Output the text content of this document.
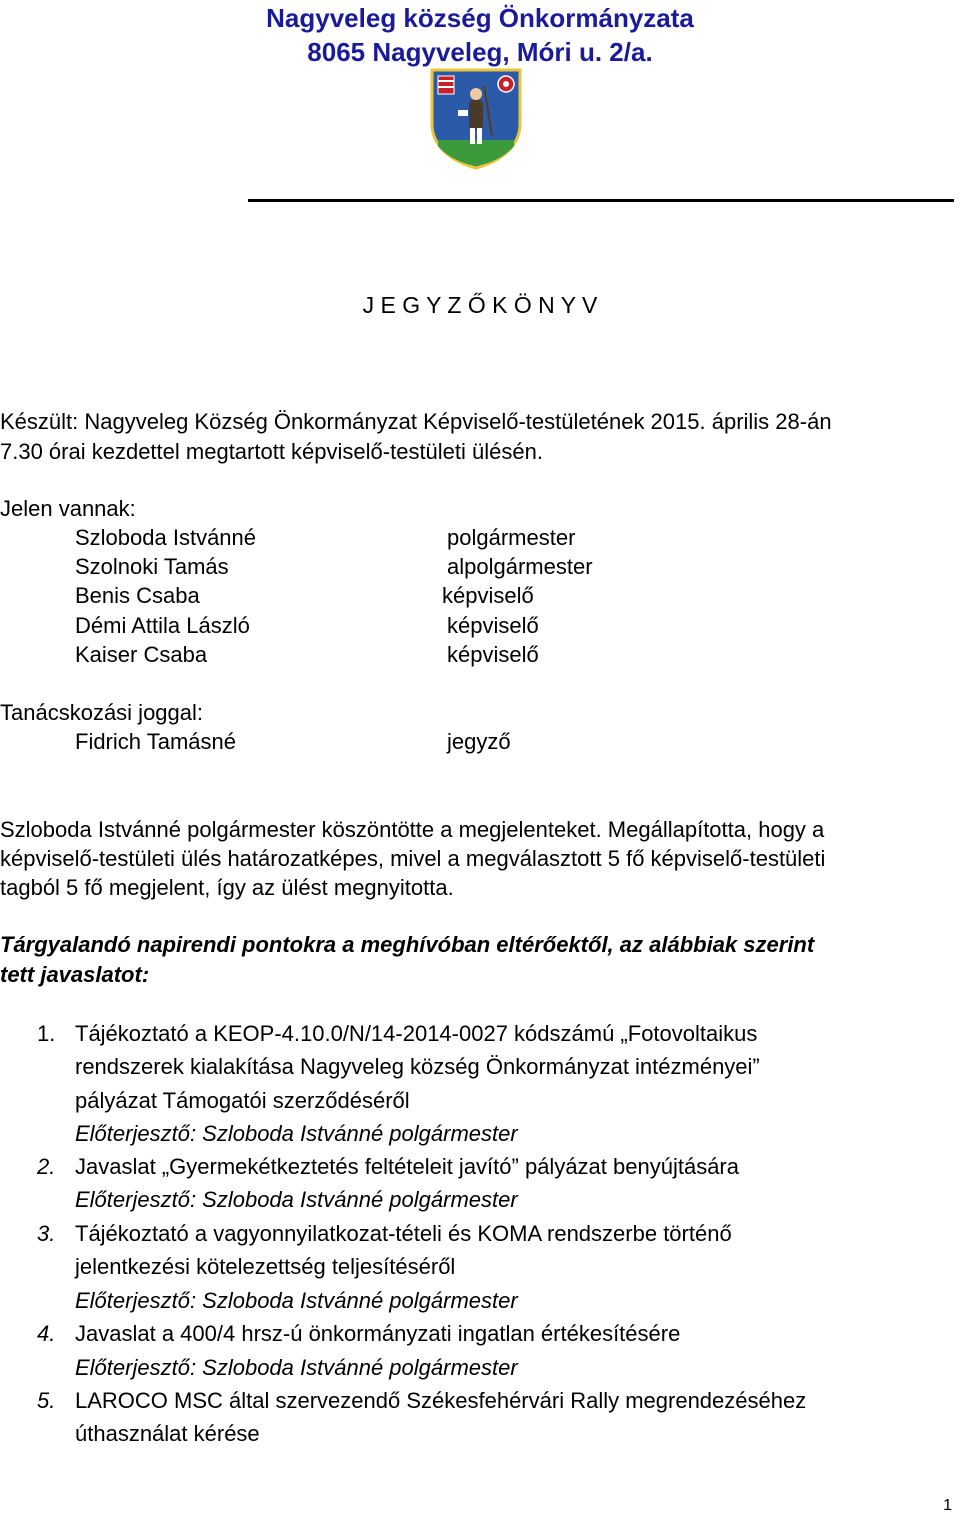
Nagyveleg község Önkormányzata
8065 Nagyveleg, Móri u. 2/a.
J E G Y Z Ő K Ö N Y V
Készült: Nagyveleg Község Önkormányzat Képviselő-testületének 2015. április 28-án
7.30 órai kezdettel megtartott képviselő-testületi ülésén.
Jelen vannak:
Szloboda Istvánné	polgármester
Szolnoki Tamás	alpolgármester
Benis Csaba	képviselő
Démi Attila László	képviselő
Kaiser Csaba	képviselő
Tanácskozási joggal:
Fidrich Tamásné	jegyző
Szloboda Istvánné polgármester köszöntötte a megjelenteket. Megállapította, hogy a
képviselő-testületi ülés határozatképes, mivel a megválasztott 5 fő képviselő-testületi
tagból 5 fő megjelent, így az ülést megnyitotta.
Tárgyalandó napirendi pontokra a meghívóban eltérőektől, az alábbiak szerint
tett javaslatot:
1. Tájékoztató a KEOP-4.10.0/N/14-2014-0027 kódszámú „Fotovoltaikus
rendszerek kialakítása Nagyveleg község Önkormányzat intézményei”
pályázat Támogatói szerződéséről
Előterjesztő: Szloboda Istvánné polgármester
2. Javaslat „Gyermekétkeztetés feltételeit javító” pályázat benyújtására
Előterjesztő: Szloboda Istvánné polgármester
3. Tájékoztató a vagyonnyilatkozat-tételi és KOMA rendszerbe történő
jelentkezési kötelezettség teljesítéséről
Előterjesztő: Szloboda Istvánné polgármester
4. Javaslat a 400/4 hrsz-ú önkormányzati ingatlan értékesítésére
Előterjesztő: Szloboda Istvánné polgármester
5. LAROCO MSC által szervezendő Székesfehérvári Rally megrendezéséhez
úthasználat kérése
1
